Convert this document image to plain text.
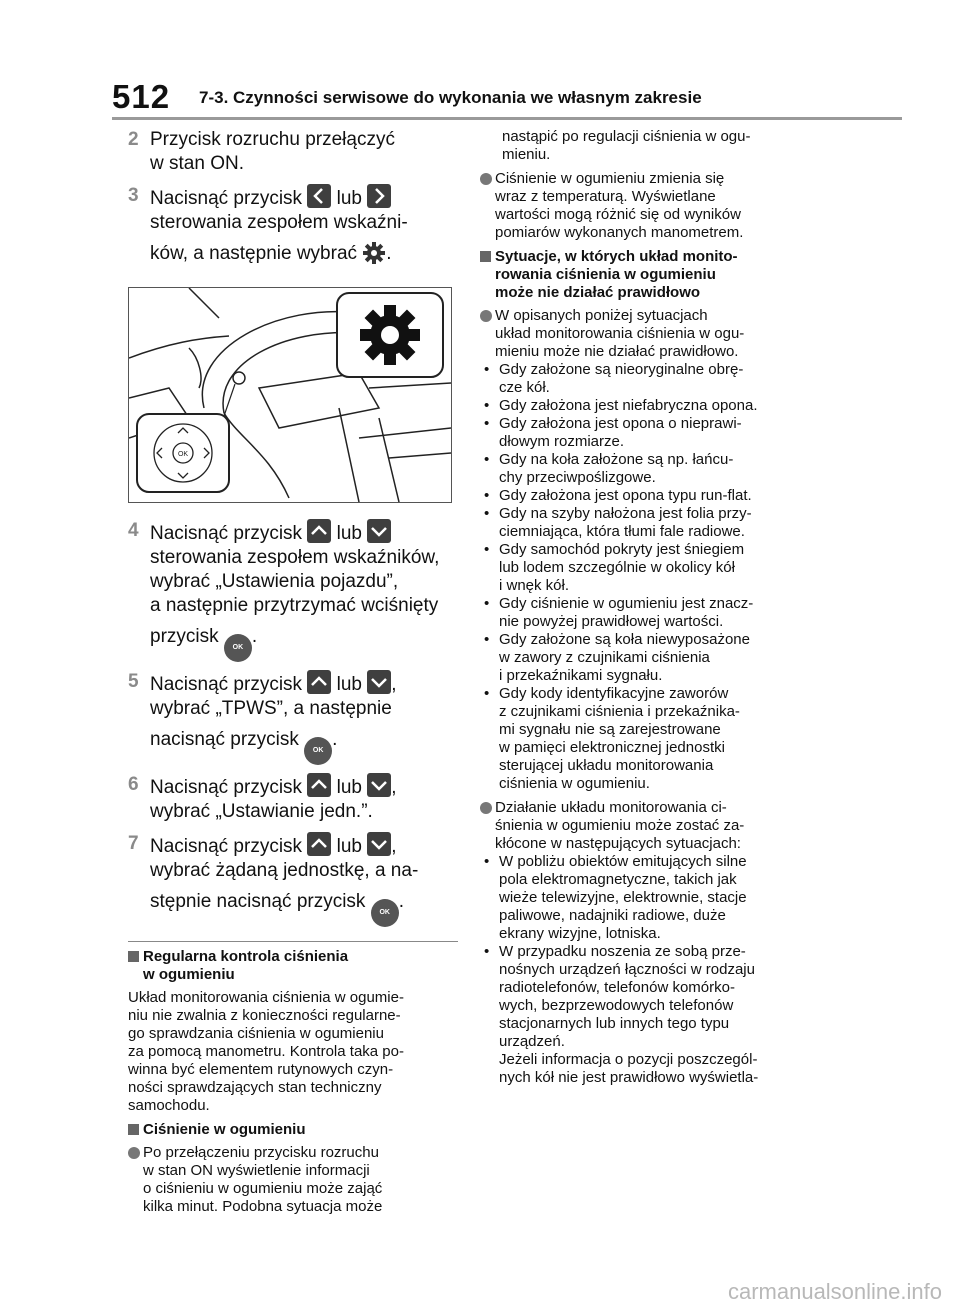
512 7-3. Czynności serwisowe do wykonania we własnym zakresie
2 Przycisk rozruchu przełączyć
w stan ON.
3 Nacisnąć przycisk lub

sterowania zespołem wskaźni-
ków, a następnie wybrać .
OK
4 Nacisnąć przycisk lub

sterowania zespołem wskaźników,
wybrać „Ustawienia pojazdu”,
a następnie przytrzymać wciśnięty
przycisk OK.
5 Nacisnąć przycisk lub ,
wybrać „TPWS”, a następnie
nacisnąć przycisk OK.
6 Nacisnąć przycisk lub ,
wybrać „Ustawianie jedn.”.
7 Nacisnąć przycisk lub ,
wybrać żądaną jednostkę, a na-
stępnie nacisnąć przycisk OK.
Regularna kontrola ciśnienia
w ogumieniu
Układ monitorowania ciśnienia w ogumie-
niu nie zwalnia z konieczności regularne-
go sprawdzania ciśnienia w ogumieniu
za pomocą manometru. Kontrola taka po-
winna być elementem rutynowych czyn-
ności sprawdzających stan techniczny
samochodu.
Ciśnienie w ogumieniu
Po przełączeniu przycisku rozruchu
w stan ON wyświetlenie informacji
o ciśnieniu w ogumieniu może zająć
kilka minut. Podobna sytuacja może
nastąpić po regulacji ciśnienia w ogu-
mieniu.
Ciśnienie w ogumieniu zmienia się
wraz z temperaturą. Wyświetlane
wartości mogą różnić się od wyników
pomiarów wykonanych manometrem.
Sytuacje, w których układ monito-
rowania ciśnienia w ogumieniu
może nie działać prawidłowo
W opisanych poniżej sytuacjach
układ monitorowania ciśnienia w ogu-
mieniu może nie działać prawidłowo.
• Gdy założone są nieoryginalne obrę-
cze kół.
• Gdy założona jest niefabryczna opona.
• Gdy założona jest opona o nieprawi-
dłowym rozmiarze.
• Gdy na koła założone są np. łańcu-
chy przeciwpoślizgowe.
• Gdy założona jest opona typu run-flat.
• Gdy na szyby nałożona jest folia przy-
ciemniająca, która tłumi fale radiowe.
• Gdy samochód pokryty jest śniegiem
lub lodem szczególnie w okolicy kół
i wnęk kół.
• Gdy ciśnienie w ogumieniu jest znacz-
nie powyżej prawidłowej wartości.
• Gdy założone są koła niewyposażone
w zawory z czujnikami ciśnienia
i przekaźnikami sygnału.
• Gdy kody identyfikacyjne zaworów
z czujnikami ciśnienia i przekaźnika-
mi sygnału nie są zarejestrowane
w pamięci elektronicznej jednostki
sterującej układu monitorowania
ciśnienia w ogumieniu.
Działanie układu monitorowania ci-
śnienia w ogumieniu może zostać za-
kłócone w następujących sytuacjach:
• W pobliżu obiektów emitujących silne
pola elektromagnetyczne, takich jak
wieże telewizyjne, elektrownie, stacje
paliwowe, nadajniki radiowe, duże
ekrany wizyjne, lotniska.
• W przypadku noszenia ze sobą prze-
nośnych urządzeń łączności w rodzaju
radiotelefonów, telefonów komórko-
wych, bezprzewodowych telefonów
stacjonarnych lub innych tego typu
urządzeń.
Jeżeli informacja o pozycji poszczegól-
nych kół nie jest prawidłowo wyświetla-
carmanualsonline.info
